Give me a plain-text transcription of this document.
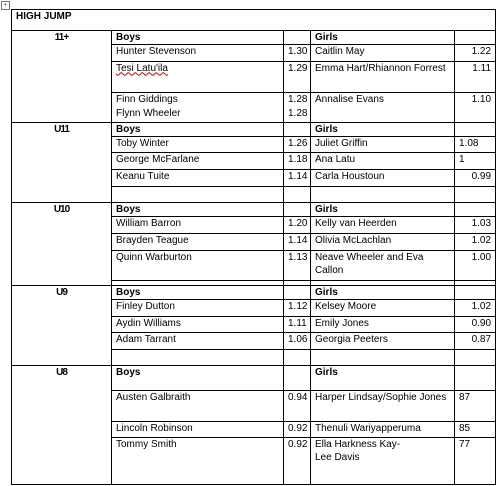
+
HIGH JUMP				
11+	Boys		Girls	
	Hunter Stevenson	1.30	Caitlin May	1.22
	Tesi Latu'ila	1.29	Emma Hart/Rhiannon Forrest	1.11
	Finn Giddings	1.28	Annalise Evans	1.10
	Flynn Wheeler	1.28		
U11	Boys		Girls	
	Toby Winter	1.26	Juliet Griffin	1.08
	George McFarlane	1.18	Ana Latu	1
	Keanu Tuite	1.14	Carla Houstoun	0.99

U10	Boys		Girls	
	William Barron	1.20	Kelly van Heerden	1.03
	Brayden Teague	1.14	Olivia McLachlan	1.02
	Quinn Warburton	1.13	Neave Wheeler and Eva Callon	1.00

U9	Boys		Girls	
	Finley Dutton	1.12	Kelsey Moore	1.02
	Aydin Williams	1.11	Emily Jones	0.90
	Adam Tarrant	1.06	Georgia Peeters	0.87

U8	Boys		Girls	
	Austen Galbraith	0.94	Harper Lindsay/Sophie Jones	87
	Lincoln Robinson	0.92	Thenuli Wariyapperuma	85
	Tommy Smith	0.92	Ella Harkness Kay-Lee Davis	77
